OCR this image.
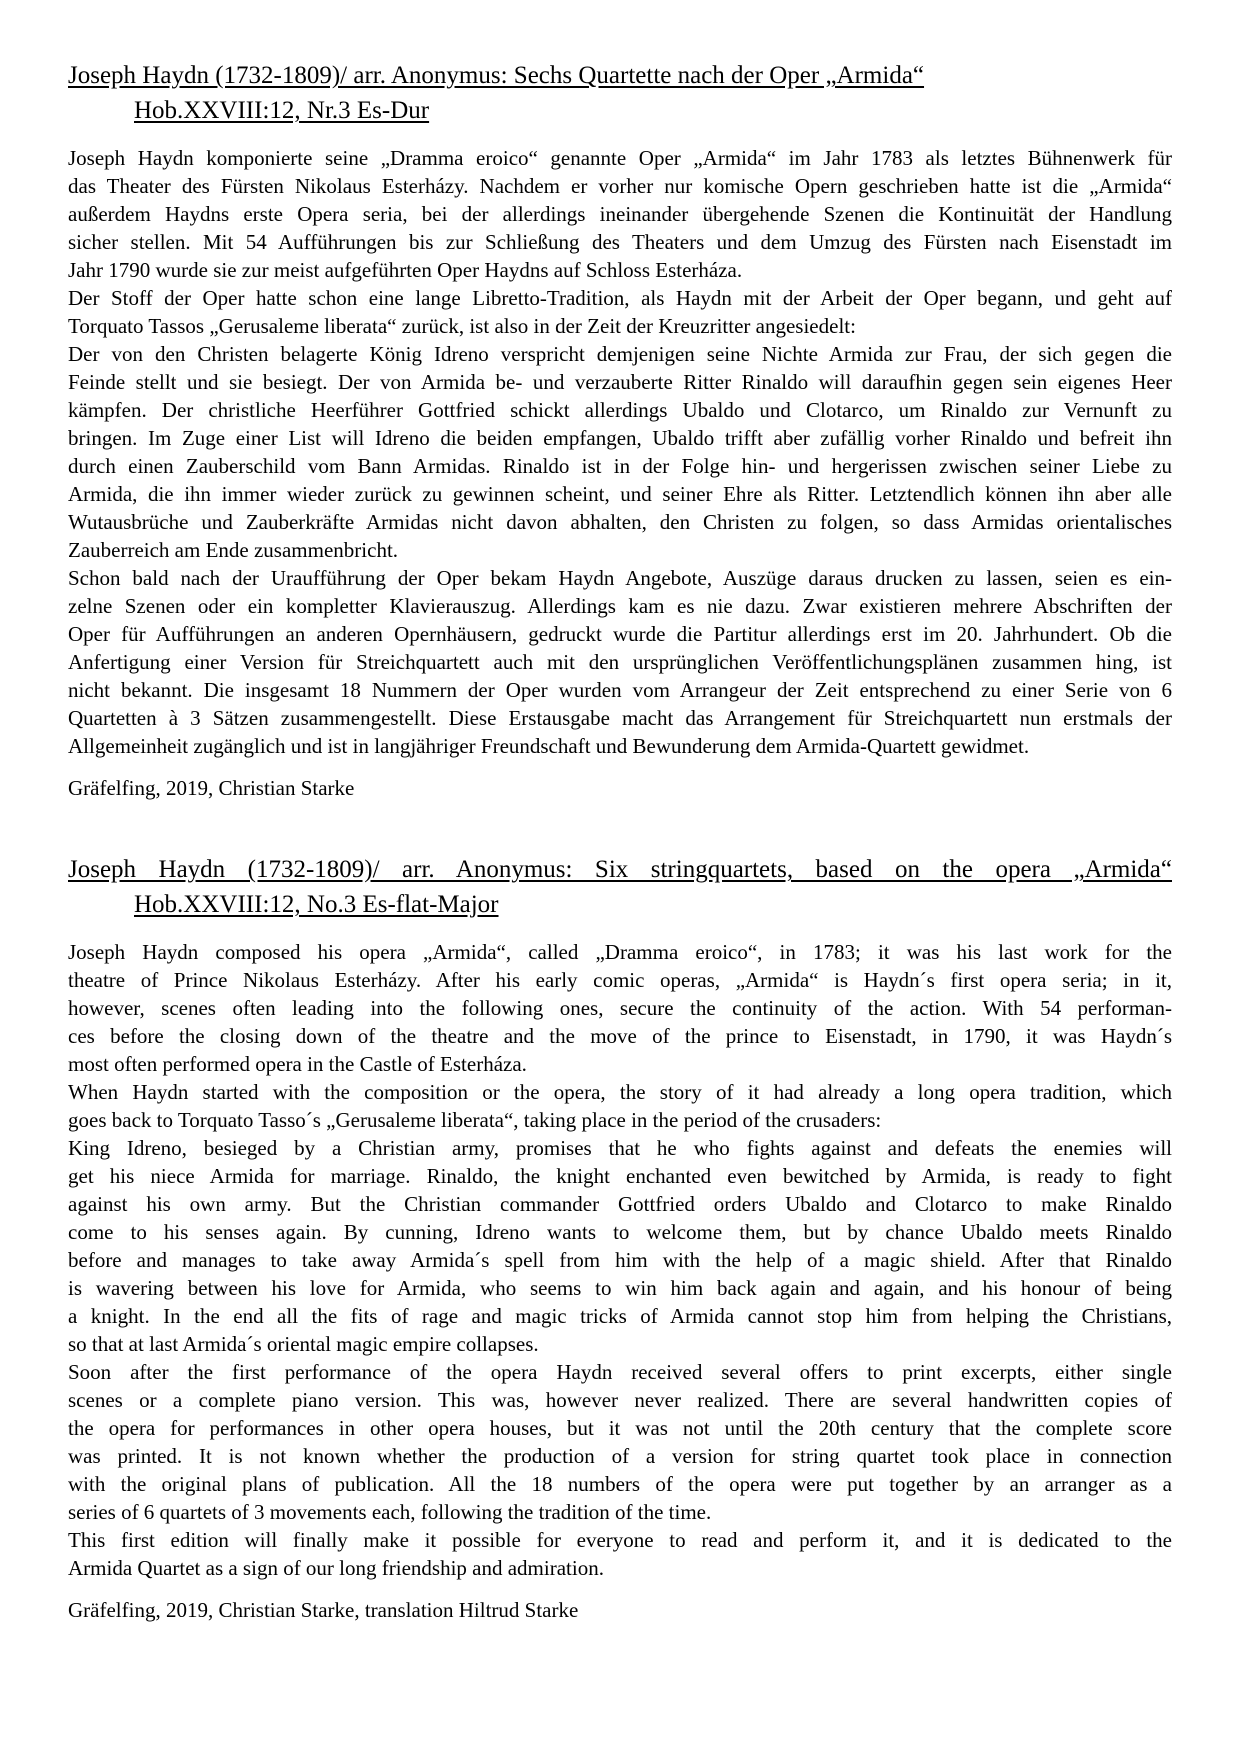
Joseph Haydn (1732-1809)/ arr. Anonymus: Sechs Quartette nach der Oper „Armida“
Hob.XXVIII:12, Nr.3 Es-Dur
Joseph Haydn komponierte seine „Dramma eroico“ genannte Oper „Armida“ im Jahr 1783 als letztes Bühnenwerk für
das Theater des Fürsten Nikolaus Esterházy. Nachdem er vorher nur komische Opern geschrieben hatte ist die „Armida“
außerdem Haydns erste Opera seria, bei der allerdings ineinander übergehende Szenen die Kontinuität der Handlung
sicher stellen. Mit 54 Aufführungen bis zur Schließung des Theaters und dem Umzug des Fürsten nach Eisenstadt im
Jahr 1790 wurde sie zur meist aufgeführten Oper Haydns auf Schloss Esterháza.
Der Stoff der Oper hatte schon eine lange Libretto-Tradition, als Haydn mit der Arbeit der Oper begann, und geht auf
Torquato Tassos „Gerusaleme liberata“ zurück, ist also in der Zeit der Kreuzritter angesiedelt:
Der von den Christen belagerte König Idreno verspricht demjenigen seine Nichte Armida zur Frau, der sich gegen die
Feinde stellt und sie besiegt. Der von Armida be- und verzauberte Ritter Rinaldo will daraufhin gegen sein eigenes Heer
kämpfen. Der christliche Heerführer Gottfried schickt allerdings Ubaldo und Clotarco, um Rinaldo zur Vernunft zu
bringen. Im Zuge einer List will Idreno die beiden empfangen, Ubaldo trifft aber zufällig vorher Rinaldo und befreit ihn
durch einen Zauberschild vom Bann Armidas. Rinaldo ist in der Folge hin- und hergerissen zwischen seiner Liebe zu
Armida, die ihn immer wieder zurück zu gewinnen scheint, und seiner Ehre als Ritter. Letztendlich können ihn aber alle
Wutausbrüche und Zauberkräfte Armidas nicht davon abhalten, den Christen zu folgen, so dass Armidas orientalisches
Zauberreich am Ende zusammenbricht.
Schon bald nach der Uraufführung der Oper bekam Haydn Angebote, Auszüge daraus drucken zu lassen, seien es ein-
zelne Szenen oder ein kompletter Klavierauszug. Allerdings kam es nie dazu. Zwar existieren mehrere Abschriften der
Oper für Aufführungen an anderen Opernhäusern, gedruckt wurde die Partitur allerdings erst im 20. Jahrhundert. Ob die
Anfertigung einer Version für Streichquartett auch mit den ursprünglichen Veröffentlichungsplänen zusammen hing, ist
nicht bekannt. Die insgesamt 18 Nummern der Oper wurden vom Arrangeur der Zeit entsprechend zu einer Serie von 6
Quartetten à 3 Sätzen zusammengestellt. Diese Erstausgabe macht das Arrangement für Streichquartett nun erstmals der
Allgemeinheit zugänglich und ist in langjähriger Freundschaft und Bewunderung dem Armida-Quartett gewidmet.
Gräfelfing, 2019, Christian Starke
Joseph Haydn (1732-1809)/ arr. Anonymus: Six stringquartets, based on the opera „Armida“
Hob.XXVIII:12, No.3 Es-flat-Major
Joseph Haydn composed his opera „Armida“, called „Dramma eroico“, in 1783; it was his last work for the
theatre of Prince Nikolaus Esterházy. After his early comic operas, „Armida“ is Haydn´s first opera seria; in it,
however, scenes often leading into the following ones, secure the continuity of the action. With 54 performan-
ces before the closing down of the theatre and the move of the prince to Eisenstadt, in 1790, it was Haydn´s
most often performed opera in the Castle of Esterháza.
When Haydn started with the composition or the opera, the story of it had already a long opera tradition, which
goes back to Torquato Tasso´s „Gerusaleme liberata“, taking place in the period of the crusaders:
King Idreno, besieged by a Christian army, promises that he who fights against and defeats the enemies will
get his niece Armida for marriage. Rinaldo, the knight enchanted even bewitched by Armida, is ready to fight
against his own army. But the Christian commander Gottfried orders Ubaldo and Clotarco to make Rinaldo
come to his senses again. By cunning, Idreno wants to welcome them, but by chance Ubaldo meets Rinaldo
before and manages to take away Armida´s spell from him with the help of a magic shield. After that Rinaldo
is wavering between his love for Armida, who seems to win him back again and again, and his honour of being
a knight. In the end all the fits of rage and magic tricks of Armida cannot stop him from helping the Christians,
so that at last Armida´s oriental magic empire collapses.
Soon after the first performance of the opera Haydn received several offers to print excerpts, either single
scenes or a complete piano version. This was, however never realized. There are several handwritten copies of
the opera for performances in other opera houses, but it was not until the 20th century that the complete score
was printed. It is not known whether the production of a version for string quartet took place in connection
with the original plans of publication. All the 18 numbers of the opera were put together by an arranger as a
series of 6 quartets of 3 movements each, following the tradition of the time.
This first edition will finally make it possible for everyone to read and perform it, and it is dedicated to the
Armida Quartet as a sign of our long friendship and admiration.
Gräfelfing, 2019, Christian Starke, translation Hiltrud Starke
